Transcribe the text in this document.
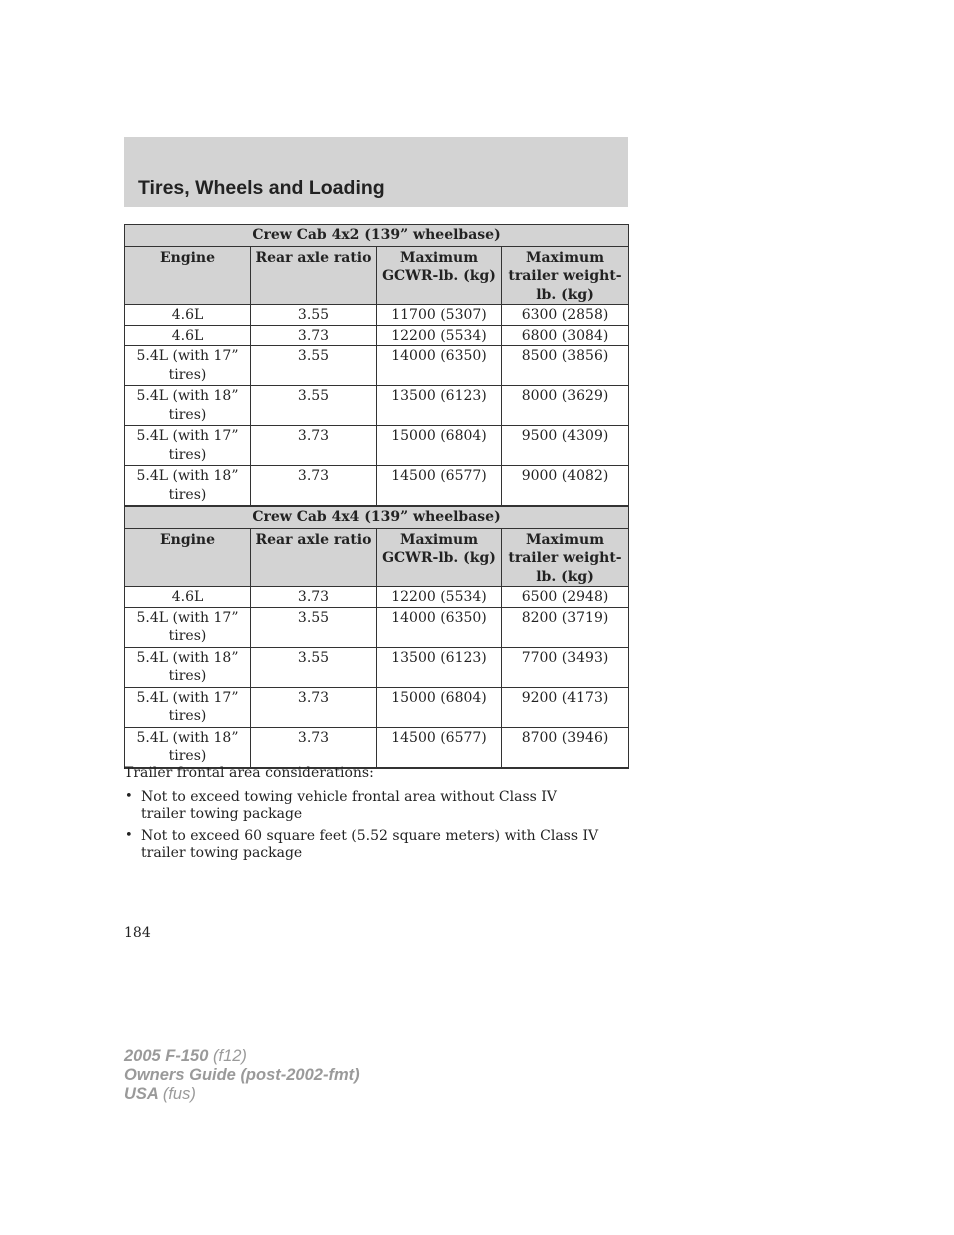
Tires, Wheels and Loading
Crew Cab 4x2 (139” wheelbase)			
Engine	Rear axle ratio	Maximum GCWR-lb. (kg)	Maximum trailer weight-lb. (kg)
4.6L	3.55	11700 (5307)	6300 (2858)
4.6L	3.73	12200 (5534)	6800 (3084)
5.4L (with 17” tires)	3.55	14000 (6350)	8500 (3856)
5.4L (with 18” tires)	3.55	13500 (6123)	8000 (3629)
5.4L (with 17” tires)	3.73	15000 (6804)	9500 (4309)
5.4L (with 18” tires)	3.73	14500 (6577)	9000 (4082)
Crew Cab 4x4 (139” wheelbase)			
Engine	Rear axle ratio	Maximum GCWR-lb. (kg)	Maximum trailer weight-lb. (kg)
4.6L	3.73	12200 (5534)	6500 (2948)
5.4L (with 17” tires)	3.55	14000 (6350)	8200 (3719)
5.4L (with 18” tires)	3.55	13500 (6123)	7700 (3493)
5.4L (with 17” tires)	3.73	15000 (6804)	9200 (4173)
5.4L (with 18” tires)	3.73	14500 (6577)	8700 (3946)

Trailer frontal area considerations:

• Not to exceed towing vehicle frontal area without Class IV trailer towing package
• Not to exceed 60 square feet (5.52 square meters) with Class IV trailer towing package

184

2005 F-150 (f12)
Owners Guide (post-2002-fmt)
USA (fus)
